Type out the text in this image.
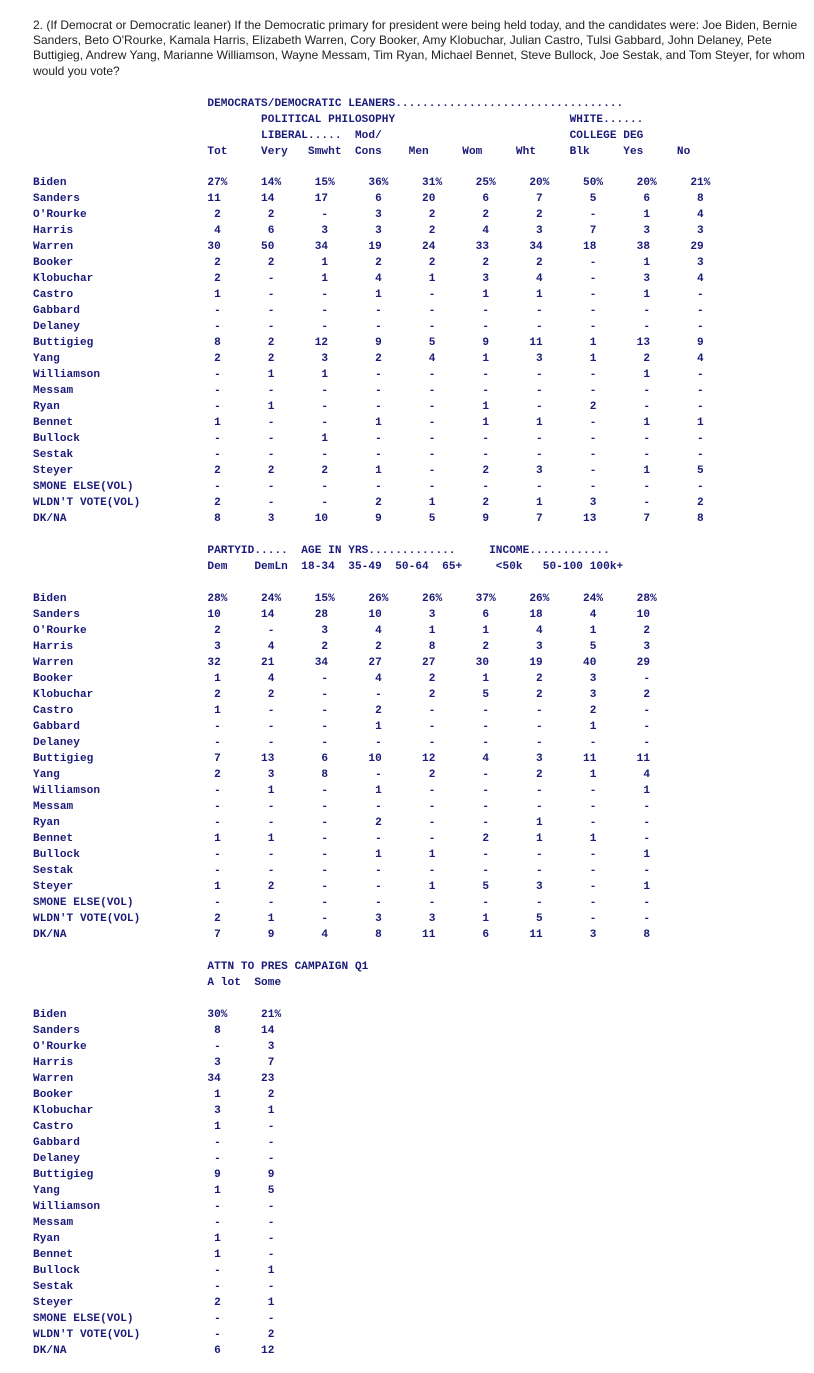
2. (If Democrat or Democratic leaner) If the Democratic primary for president were being held today, and the candidates were: Joe Biden, Bernie Sanders, Beto O'Rourke, Kamala Harris, Elizabeth Warren, Cory Booker, Amy Klobuchar, Julian Castro, Tulsi Gabbard, John Delaney, Pete Buttigieg, Andrew Yang, Marianne Williamson, Wayne Messam, Tim Ryan, Michael Bennet, Steve Bullock, Joe Sestak, and Tom Steyer, for whom would you vote?

DEMOCRATS/DEMOCRATIC LEANERS..................................
POLITICAL PHILOSOPHY                          WHITE......
LIBERAL.....  Mod/                            COLLEGE DEG
Tot     Very   Smwht  Cons    Men     Wom     Wht     Blk     Yes     No
Biden                     27%     14%     15%     36%     31%     25%     20%     50%     20%     21%
Sanders                   11      14      17       6      20       6       7       5       6       8
O'Rourke                   2       2       -       3       2       2       2       -       1       4
Harris                     4       6       3       3       2       4       3       7       3       3
Warren                    30      50      34      19      24      33      34      18      38      29
Booker                     2       2       1       2       2       2       2       -       1       3
Klobuchar                  2       -       1       4       1       3       4       -       3       4
Castro                     1       -       -       1       -       1       1       -       1       -
Gabbard                    -       -       -       -       -       -       -       -       -       -
Delaney                    -       -       -       -       -       -       -       -       -       -
Buttigieg                  8       2      12       9       5       9      11       1      13       9
Yang                       2       2       3       2       4       1       3       1       2       4
Williamson                 -       1       1       -       -       -       -       -       1       -
Messam                     -       -       -       -       -       -       -       -       -       -
Ryan                       -       1       -       -       -       1       -       2       -       -
Bennet                     1       -       -       1       -       1       1       -       1       1
Bullock                    -       -       1       -       -       -       -       -       -       -
Sestak                     -       -       -       -       -       -       -       -       -       -
Steyer                     2       2       2       1       -       2       3       -       1       5
SMONE ELSE(VOL)            -       -       -       -       -       -       -       -       -       -
WLDN'T VOTE(VOL)           2       -       -       2       1       2       1       3       -       2
DK/NA                      8       3      10       9       5       9       7      13       7       8
PARTYID.....  AGE IN YRS.............     INCOME............
Dem    DemLn  18-34  35-49  50-64  65+     <50k   50-100 100k+
Biden                     28%     24%     15%     26%     26%     37%     26%     24%     28%
Sanders                   10      14      28      10       3       6      18       4      10
O'Rourke                   2       -       3       4       1       1       4       1       2
Harris                     3       4       2       2       8       2       3       5       3
Warren                    32      21      34      27      27      30      19      40      29
Booker                     1       4       -       4       2       1       2       3       -
Klobuchar                  2       2       -       -       2       5       2       3       2
Castro                     1       -       -       2       -       -       -       2       -
Gabbard                    -       -       -       1       -       -       -       1       -
Delaney                    -       -       -       -       -       -       -       -       -
Buttigieg                  7      13       6      10      12       4       3      11      11
Yang                       2       3       8       -       2       -       2       1       4
Williamson                 -       1       -       1       -       -       -       -       1
Messam                     -       -       -       -       -       -       -       -       -
Ryan                       -       -       -       2       -       -       1       -       -
Bennet                     1       1       -       -       -       2       1       1       -
Bullock                    -       -       -       1       1       -       -       -       1
Sestak                     -       -       -       -       -       -       -       -       -
Steyer                     1       2       -       -       1       5       3       -       1
SMONE ELSE(VOL)            -       -       -       -       -       -       -       -       -
WLDN'T VOTE(VOL)           2       1       -       3       3       1       5       -       -
DK/NA                      7       9       4       8      11       6      11       3       8
ATTN TO PRES CAMPAIGN Q1
A lot  Some
Biden                     30%     21%
Sanders                    8      14
O'Rourke                   -       3
Harris                     3       7
Warren                    34      23
Booker                     1       2
Klobuchar                  3       1
Castro                     1       -
Gabbard                    -       -
Delaney                    -       -
Buttigieg                  9       9
Yang                       1       5
Williamson                 -       -
Messam                     -       -
Ryan                       1       -
Bennet                     1       -
Bullock                    -       1
Sestak                     -       -
Steyer                     2       1
SMONE ELSE(VOL)            -       -
WLDN'T VOTE(VOL)           -       2
DK/NA                      6      12
